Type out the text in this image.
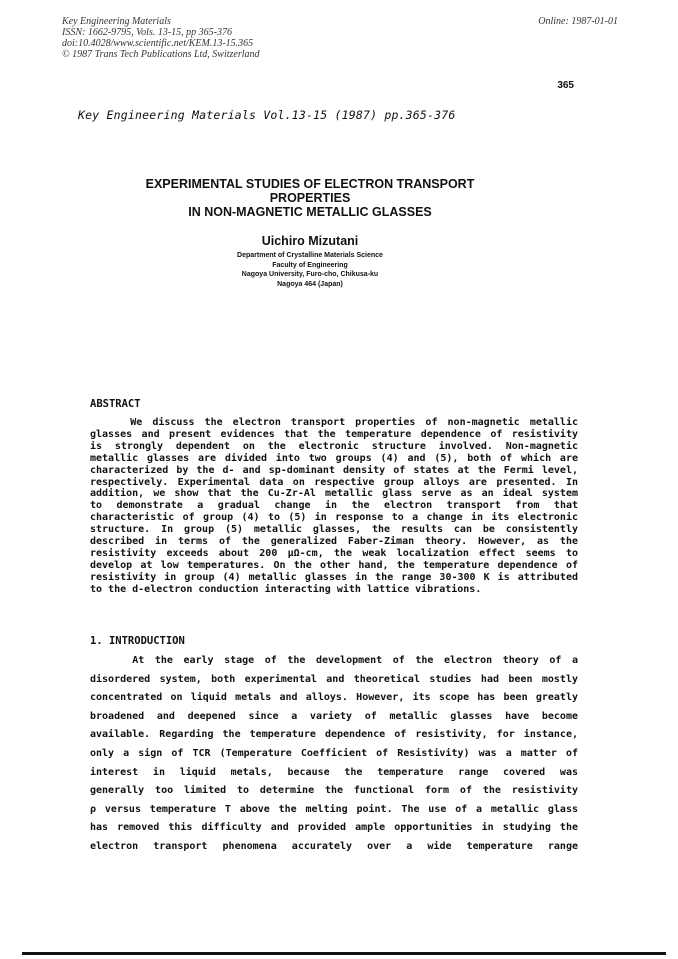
Key Engineering Materials
ISSN: 1662-9795, Vols. 13-15, pp 365-376
doi:10.4028/www.scientific.net/KEM.13-15.365
© 1987 Trans Tech Publications Ltd, Switzerland
Online: 1987-01-01
365
Key Engineering Materials Vol.13-15 (1987) pp.365-376
EXPERIMENTAL STUDIES OF ELECTRON TRANSPORT
PROPERTIES
IN NON-MAGNETIC METALLIC GLASSES
Uichiro Mizutani
Department of Crystalline Materials Science
Faculty of Engineering
Nagoya University, Furo-cho, Chikusa-ku
Nagoya 464 (Japan)
ABSTRACT
We discuss the electron transport properties of non-magnetic metallic
glasses and present evidences that the temperature dependence of resistivity
is strongly dependent on the electronic structure involved. Non-magnetic
metallic glasses are divided into two groups (4) and (5), both of which are
characterized by the d- and sp-dominant density of states at the Fermi level,
respectively. Experimental data on respective group alloys are presented. In
addition, we show that the Cu-Zr-Al metallic glass serve as an ideal system
to demonstrate a gradual change in the electron transport from that
characteristic of group (4) to (5) in response to a change in its electronic
structure. In group (5) metallic glasses, the results can be consistently
described in terms of the generalized Faber-Ziman theory. However, as the
resistivity exceeds about 200 μΩ-cm, the weak localization effect seems to
develop at low temperatures. On the other hand, the temperature dependence of
resistivity in group (4) metallic glasses in the range 30-300 K is attributed
to the d-electron conduction interacting with lattice vibrations.
1. INTRODUCTION
At the early stage of the development of the electron theory of a
disordered system, both experimental and theoretical studies had been mostly
concentrated on liquid metals and alloys. However, its scope has been greatly
broadened and deepened since a variety of metallic glasses have become
available. Regarding the temperature dependence of resistivity, for instance,
only a sign of TCR (Temperature Coefficient of Resistivity) was a matter of
interest in liquid metals, because the temperature range covered was
generally too limited to determine the functional form of the resistivity
ρ versus temperature T above the melting point. The use of a metallic glass
has removed this difficulty and provided ample opportunities in studying the
electron transport phenomena accurately over a wide temperature range
